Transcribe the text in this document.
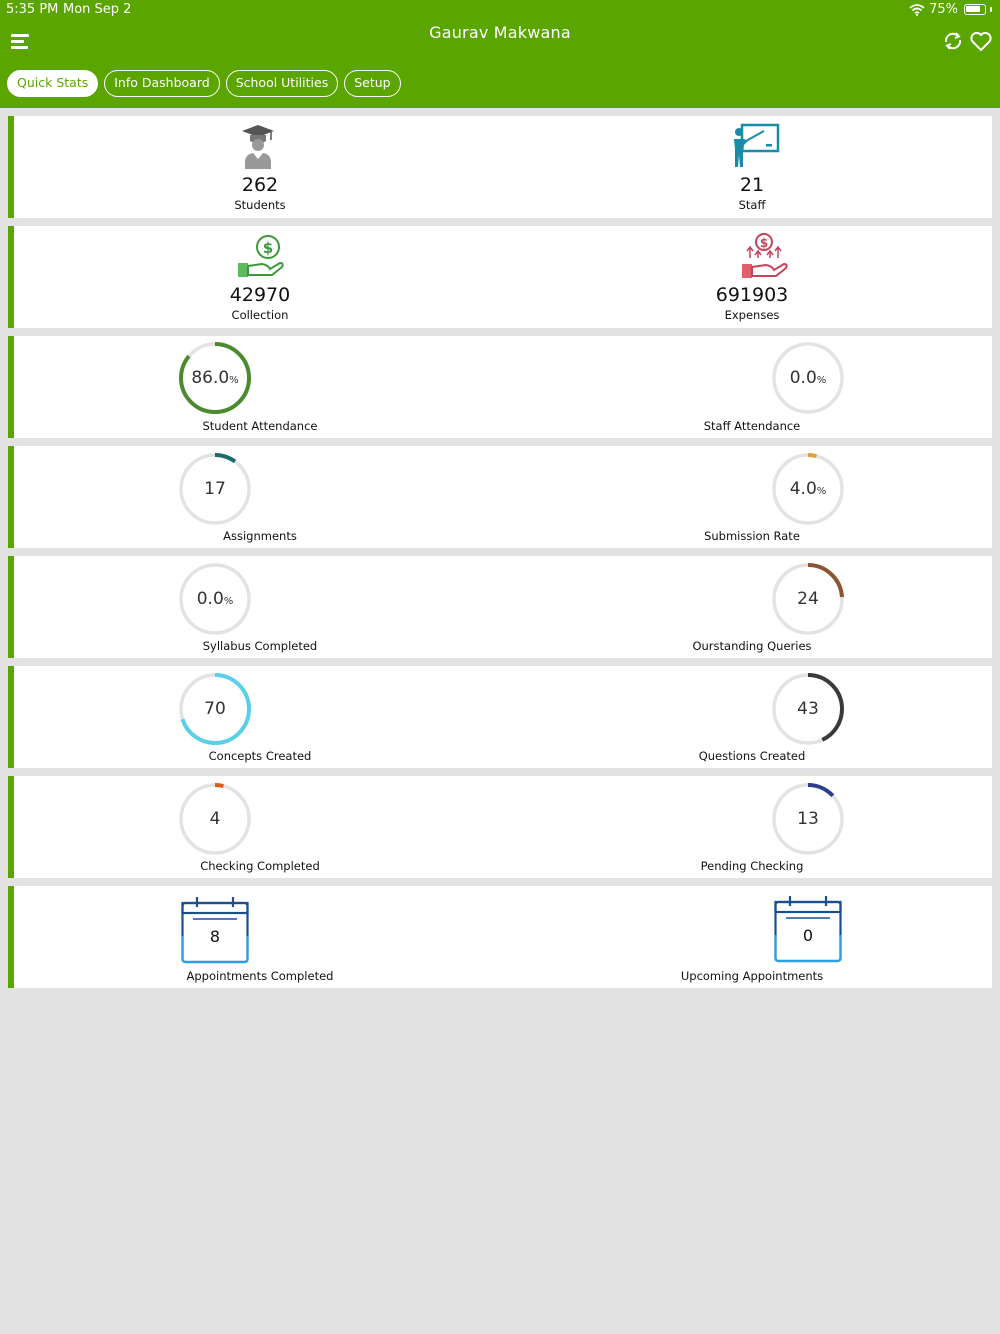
5:35 PM Mon Sep 2	75%
Gaurav Makwana
Quick Stats	Info Dashboard	School Utilities	Setup
262
Students
21
Staff
$
42970
Collection
$
691903
Expenses
86.0 %
Student Attendance
0.0 %
Staff Attendance
17
Assignments
4.0 %
Submission Rate
0.0 %
Syllabus Completed
24
Ourstanding Queries
70
Concepts Created
43
Questions Created
4
Checking Completed
13
Pending Checking
8
Appointments Completed
0
Upcoming Appointments
